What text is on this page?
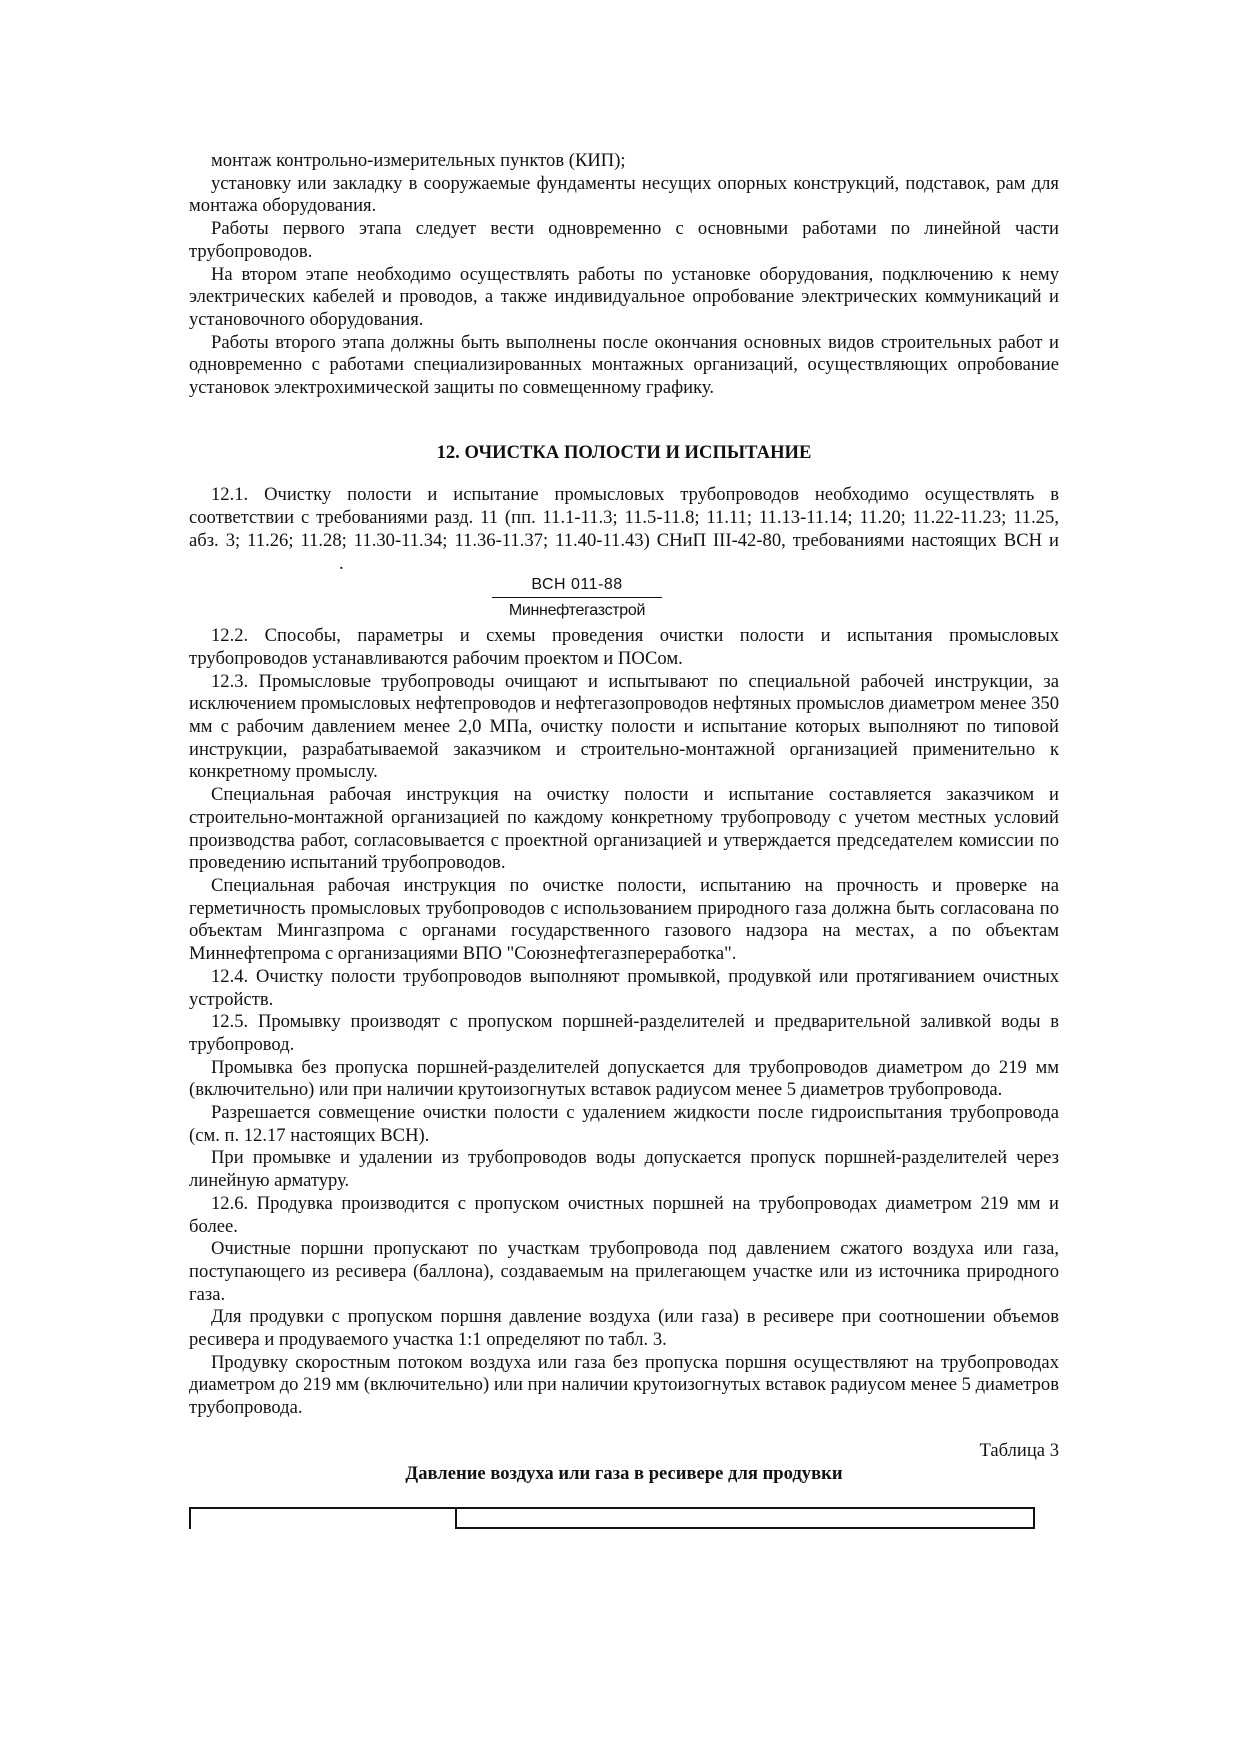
монтаж контрольно-измерительных пунктов (КИП);

установку или закладку в сооружаемые фундаменты несущих опорных конструкций, подставок, рам для монтажа оборудования.

Работы первого этапа следует вести одновременно с основными работами по линейной части трубопроводов.

На втором этапе необходимо осуществлять работы по установке оборудования, подключению к нему электрических кабелей и проводов, а также индивидуальное опробование электрических коммуникаций и установочного оборудования.

Работы второго этапа должны быть выполнены после окончания основных видов строительных работ и одновременно с работами специализированных монтажных организаций, осуществляющих опробование установок электрохимической защиты по совмещенному графику.

12. ОЧИСТКА ПОЛОСТИ И ИСПЫТАНИЕ

12.1. Очистку полости и испытание промысловых трубопроводов необходимо осуществлять в соответствии с требованиями разд. 11 (пп. 11.1-11.3; 11.5-11.8; 11.11; 11.13-11.14; 11.20; 11.22-11.23; 11.25, абз. 3; 11.26; 11.28; 11.30-11.34; 11.36-11.37; 11.40-11.43) СНиП III-42-80, требованиями настоящих ВСН и.

ВСН 011-88
Миннефтегазстрой

12.2. Способы, параметры и схемы проведения очистки полости и испытания промысловых трубопроводов устанавливаются рабочим проектом и ПОСом.

12.3. Промысловые трубопроводы очищают и испытывают по специальной рабочей инструкции, за исключением промысловых нефтепроводов и нефтегазопроводов нефтяных промыслов диаметром менее 350 мм с рабочим давлением менее 2,0 МПа, очистку полости и испытание которых выполняют по типовой инструкции, разрабатываемой заказчиком и строительно-монтажной организацией применительно к конкретному промыслу.

Специальная рабочая инструкция на очистку полости и испытание составляется заказчиком и строительно-монтажной организацией по каждому конкретному трубопроводу с учетом местных условий производства работ, согласовывается с проектной организацией и утверждается председателем комиссии по проведению испытаний трубопроводов.

Специальная рабочая инструкция по очистке полости, испытанию на прочность и проверке на герметичность промысловых трубопроводов с использованием природного газа должна быть согласована по объектам Мингазпрома с органами государственного газового надзора на местах, а по объектам Миннефтепрома с организациями ВПО "Союзнефтегазпереработка".

12.4. Очистку полости трубопроводов выполняют промывкой, продувкой или протягиванием очистных устройств.

12.5. Промывку производят с пропуском поршней-разделителей и предварительной заливкой воды в трубопровод.

Промывка без пропуска поршней-разделителей допускается для трубопроводов диаметром до 219 мм (включительно) или при наличии крутоизогнутых вставок радиусом менее 5 диаметров трубопровода.

Разрешается совмещение очистки полости с удалением жидкости после гидроиспытания трубопровода (см. п. 12.17 настоящих ВСН).

При промывке и удалении из трубопроводов воды допускается пропуск поршней-разделителей через линейную арматуру.

12.6. Продувка производится с пропуском очистных поршней на трубопроводах диаметром 219 мм и более.

Очистные поршни пропускают по участкам трубопровода под давлением сжатого воздуха или газа, поступающего из ресивера (баллона), создаваемым на прилегающем участке или из источника природного газа.

Для продувки с пропуском поршня давление воздуха (или газа) в ресивере при соотношении объемов ресивера и продуваемого участка 1:1 определяют по табл. 3.

Продувку скоростным потоком воздуха или газа без пропуска поршня осуществляют на трубопроводах диаметром до 219 мм (включительно) или при наличии крутоизогнутых вставок радиусом менее 5 диаметров трубопровода.

Таблица 3
Давление воздуха или газа в ресивере для продувки
